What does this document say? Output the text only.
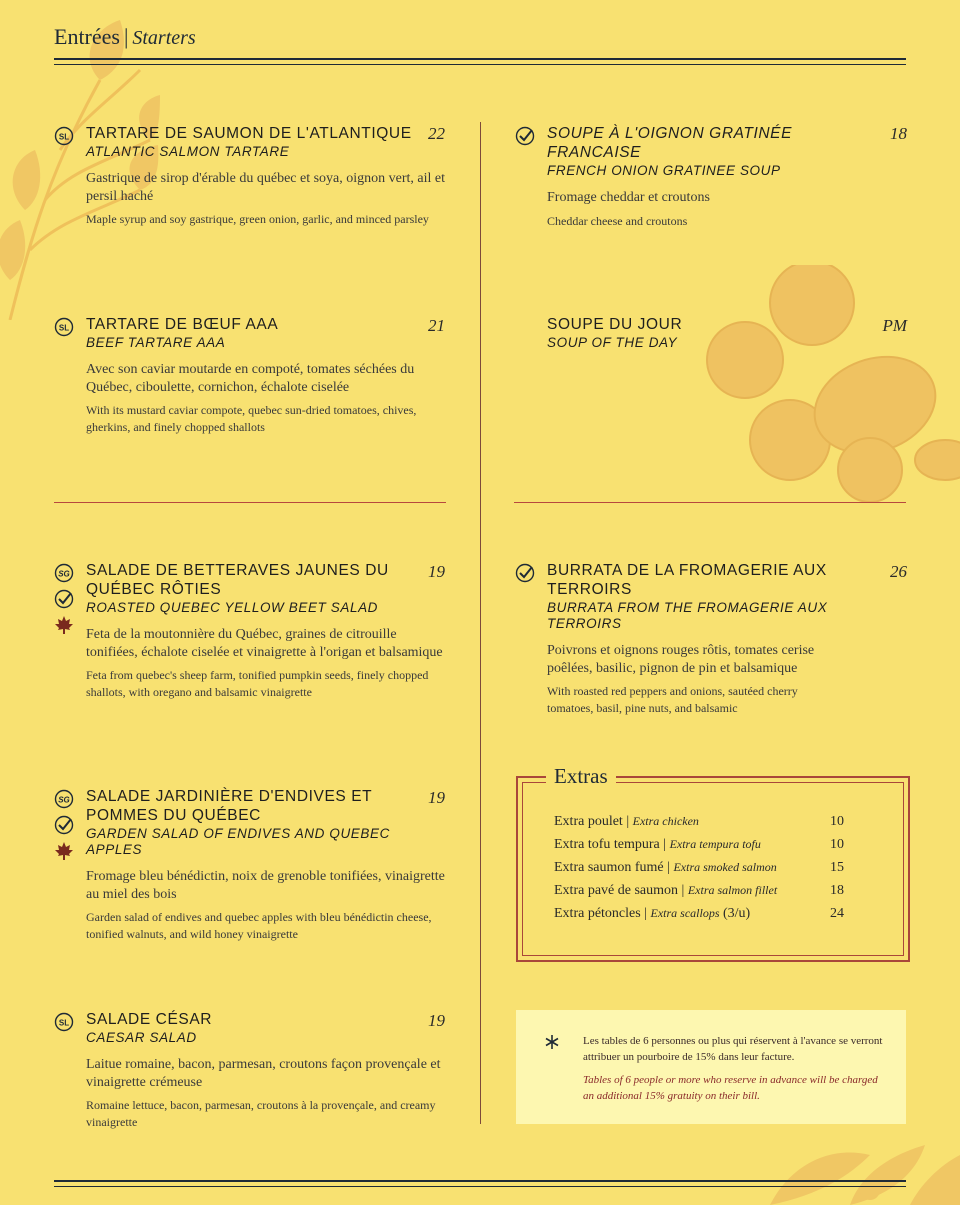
Entrées | Starters
SL TARTARE DE SAUMON DE L'ATLANTIQUE
ATLANTIC SALMON TARTARE
Gastrique de sirop d'érable du québec et soya, oignon vert, ail et persil haché
Maple syrup and soy gastrique, green onion, garlic, and minced parsley
22
SL TARTARE DE BŒUF AAA
BEEF TARTARE AAA
Avec son caviar moutarde en compoté, tomates séchées du Québec, ciboulette, cornichon, échalote ciselée
With its mustard caviar compote, quebec sun-dried tomatoes, chives, gherkins, and finely chopped shallots
21
SG SALADE DE BETTERAVES JAUNES DU QUÉBEC RÔTIES
ROASTED QUEBEC YELLOW BEET SALAD
Feta de la moutonnière du Québec, graines de citrouille tonifiées, échalote ciselée et vinaigrette à l'origan et balsamique
Feta from quebec's sheep farm, tonified pumpkin seeds, finely chopped shallots, with oregano and balsamic vinaigrette
19
SG SALADE JARDINIÈRE D'ENDIVES ET POMMES DU QUÉBEC
GARDEN SALAD OF ENDIVES AND QUEBEC APPLES
Fromage bleu bénédictin, noix de grenoble tonifiées, vinaigrette au miel des bois
Garden salad of endives and quebec apples with bleu bénédictin cheese, tonified walnuts, and wild honey vinaigrette
19
SL SALADE CÉSAR
CAESAR SALAD
Laitue romaine, bacon, parmesan, croutons façon provençale et vinaigrette crémeuse
Romaine lettuce, bacon, parmesan, croutons à la provençale, and creamy vinaigrette
19
SOUPE À L'OIGNON GRATINÉE FRANCAISE
FRENCH ONION GRATINEE SOUP
Fromage cheddar et croutons
Cheddar cheese and croutons
18
SOUPE DU JOUR
SOUP OF THE DAY
PM
BURRATA DE LA FROMAGERIE AUX TERROIRS
BURRATA FROM THE FROMAGERIE AUX TERROIRS
Poivrons et oignons rouges rôtis, tomates cerise poêlées, basilic, pignon de pin et balsamique
With roasted red peppers and onions, sautéed cherry tomatoes, basil, pine nuts, and balsamic
26
Extras
Extra poulet | Extra chicken	10
Extra tofu tempura | Extra tempura tofu	10
Extra saumon fumé | Extra smoked salmon	15
Extra pavé de saumon | Extra salmon fillet	18
Extra pétoncles | Extra scallops (3/u)	24
Les tables de 6 personnes ou plus qui réservent à l'avance se verront attribuer un pourboire de 15% dans leur facture.
Tables of 6 people or more who reserve in advance will be charged an additional 15% gratuity on their bill.
